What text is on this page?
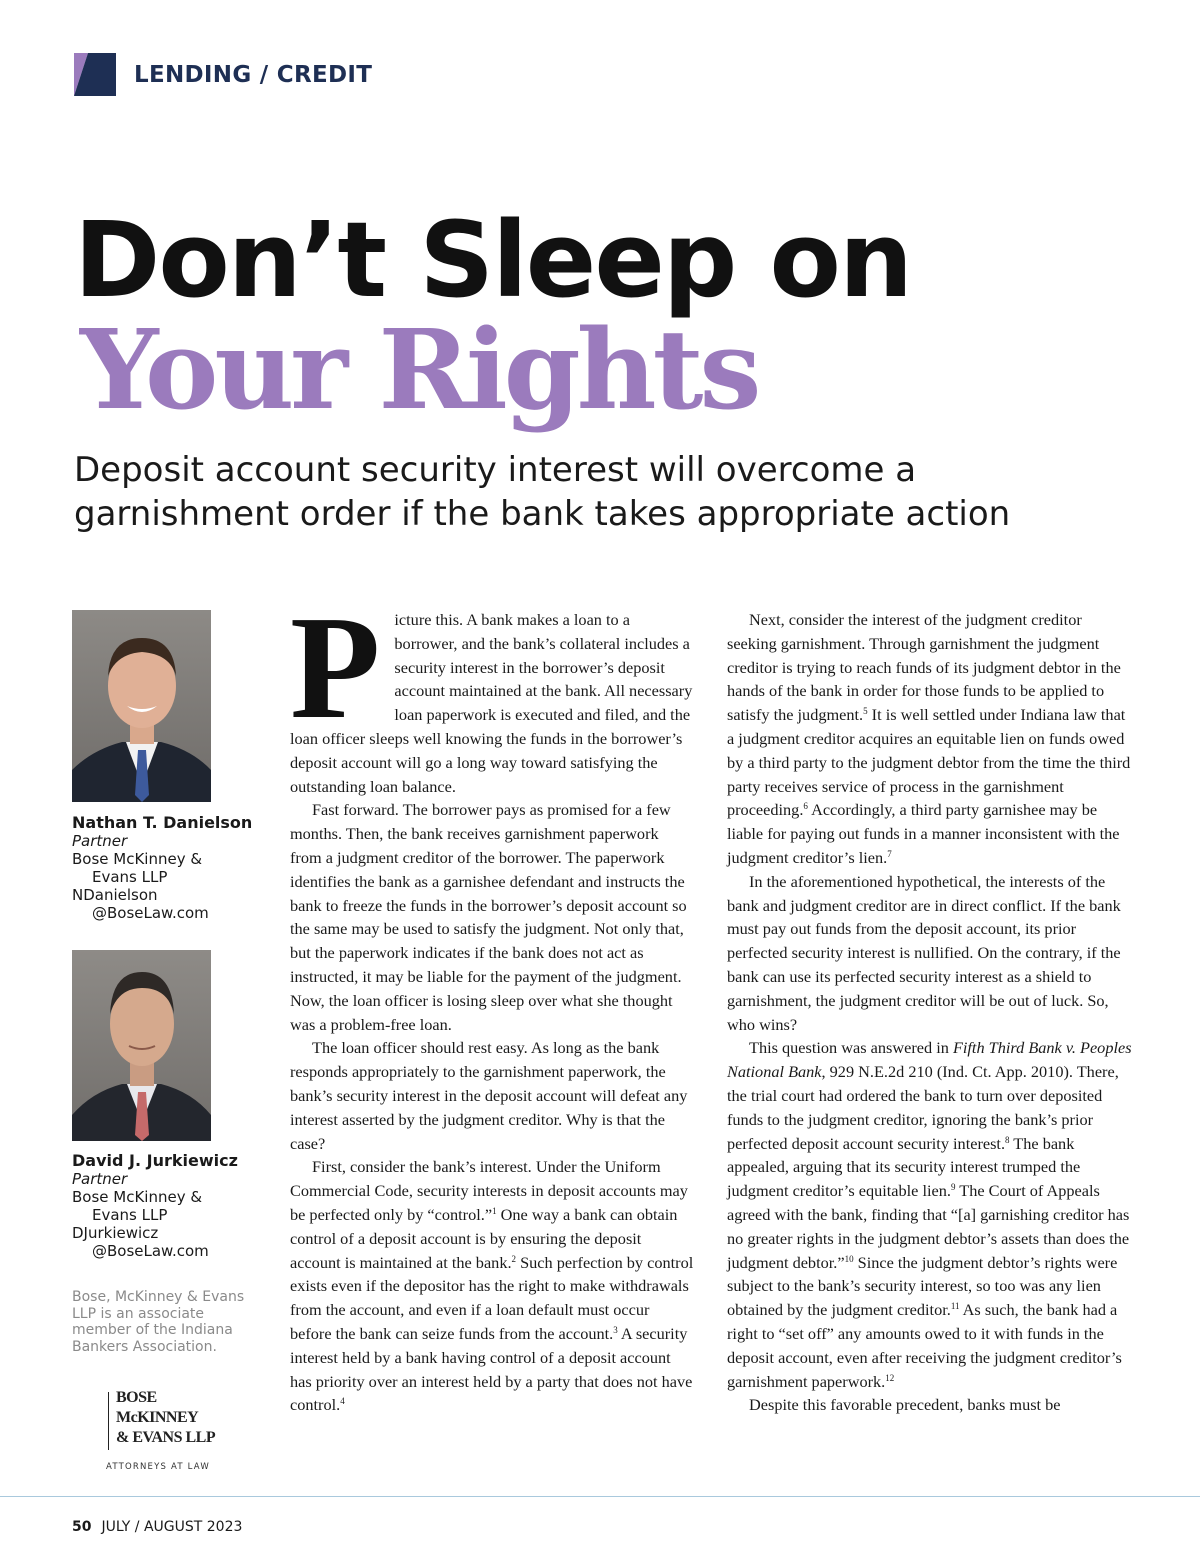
LENDING / CREDIT
Don’t Sleep on
Your Rights
Deposit account security interest will overcome a garnishment order if the bank takes appropriate action
Nathan T. Danielson
Partner
Bose McKinney &
Evans LLP
NDanielson
@BoseLaw.com
David J. Jurkiewicz
Partner
Bose McKinney &
Evans LLP
DJurkiewicz
@BoseLaw.com
Bose, McKinney & Evans LLP is an associate member of the Indiana Bankers Association.
BOSE
McKINNEY
& EVANS LLP
ATTORNEYS AT LAW

Picture this. A bank makes a loan to a borrower, and the bank’s collateral includes a security interest in the borrower’s deposit account maintained at the bank. All necessary loan paperwork is executed and filed, and the loan officer sleeps well knowing the funds in the borrower’s deposit account will go a long way toward satisfying the outstanding loan balance.

Fast forward. The borrower pays as promised for a few months. Then, the bank receives garnishment paperwork from a judgment creditor of the borrower. The paperwork identifies the bank as a garnishee defendant and instructs the bank to freeze the funds in the borrower’s deposit account so the same may be used to satisfy the judgment. Not only that, but the paperwork indicates if the bank does not act as instructed, it may be liable for the payment of the judgment. Now, the loan officer is losing sleep over what she thought was a problem-free loan.

The loan officer should rest easy. As long as the bank responds appropriately to the garnishment paperwork, the bank’s security interest in the deposit account will defeat any interest asserted by the judgment creditor. Why is that the case?

First, consider the bank’s interest. Under the Uniform Commercial Code, security interests in deposit accounts may be perfected only by “control.”$^1$ One way a bank can obtain control of a deposit account is by ensuring the deposit account is maintained at the bank.$^2$ Such perfection by control exists even if the depositor has the right to make withdrawals from the account, and even if a loan default must occur before the bank can seize funds from the account.$^3$ A security interest held by a bank having control of a deposit account has priority over an interest held by a party that does not have control.$^4$

Next, consider the interest of the judgment creditor seeking garnishment. Through garnishment the judgment creditor is trying to reach funds of its judgment debtor in the hands of the bank in order for those funds to be applied to satisfy the judgment.$^5$ It is well settled under Indiana law that a judgment creditor acquires an equitable lien on funds owed by a third party to the judgment debtor from the time the third party receives service of process in the garnishment proceeding.$^6$ Accordingly, a third party garnishee may be liable for paying out funds in a manner inconsistent with the judgment creditor’s lien.$^7$

In the aforementioned hypothetical, the interests of the bank and judgment creditor are in direct conflict. If the bank must pay out funds from the deposit account, its prior perfected security interest is nullified. On the contrary, if the bank can use its perfected security interest as a shield to garnishment, the judgment creditor will be out of luck. So, who wins?

This question was answered in Fifth Third Bank v. Peoples National Bank, 929 N.E.2d 210 (Ind. Ct. App. 2010). There, the trial court had ordered the bank to turn over deposited funds to the judgment creditor, ignoring the bank’s prior perfected deposit account security interest.$^8$ The bank appealed, arguing that its security interest trumped the judgment creditor’s equitable lien.$^9$ The Court of Appeals agreed with the bank, finding that “[a] garnishing creditor has no greater rights in the judgment debtor’s assets than does the judgment debtor.”$^{10}$ Since the judgment debtor’s rights were subject to the bank’s security interest, so too was any lien obtained by the judgment creditor.$^{11}$ As such, the bank had a right to “set off” any amounts owed to it with funds in the deposit account, even after receiving the judgment creditor’s garnishment paperwork.$^{12}$

Despite this favorable precedent, banks must be

50 JULY / AUGUST 2023
